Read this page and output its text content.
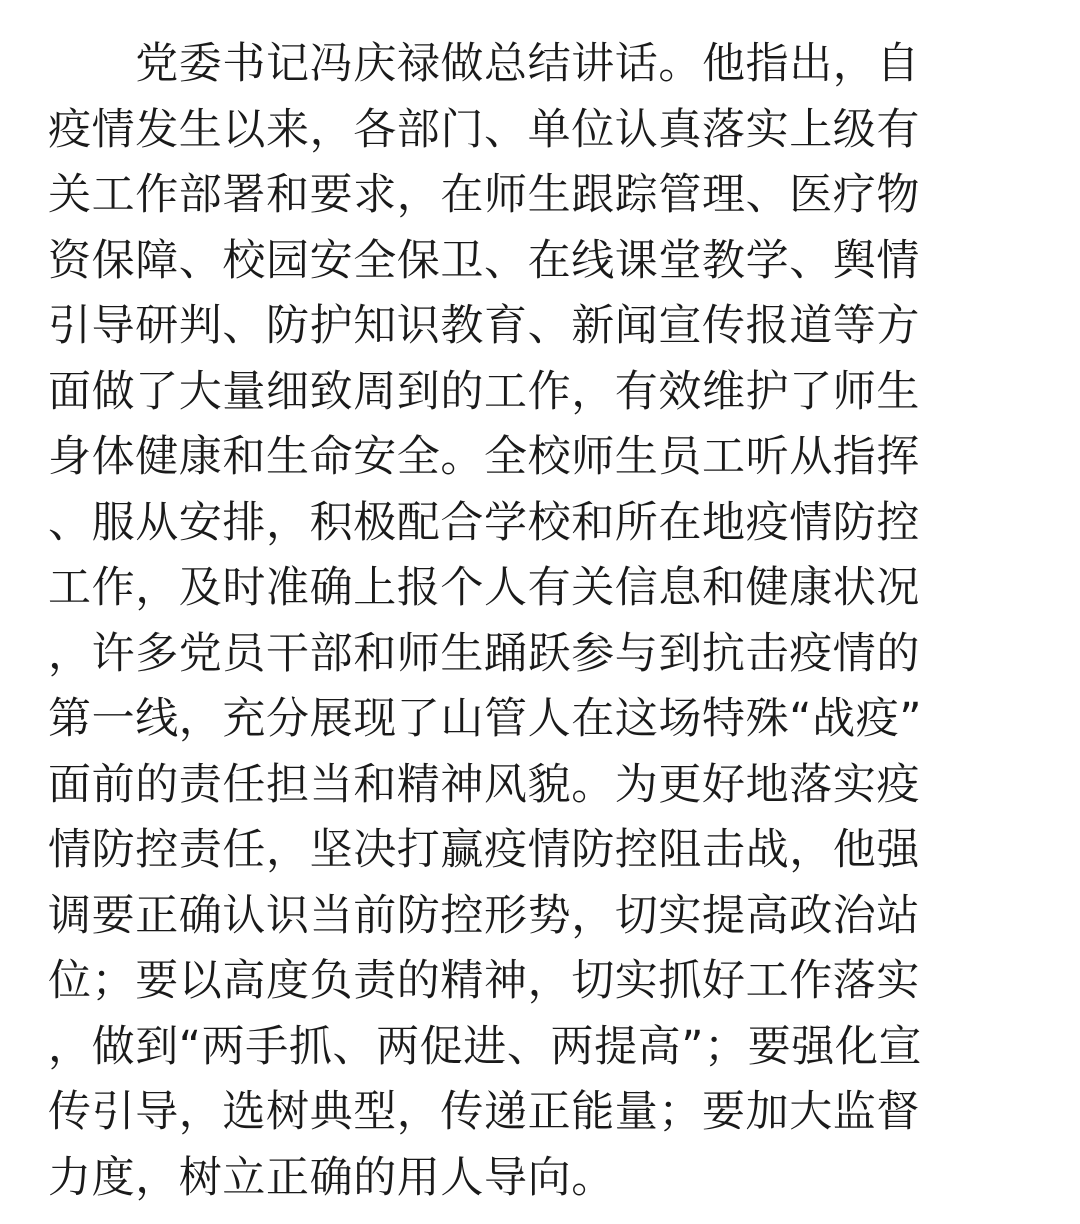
　　党委书记冯庆禄做总结讲话。他指出，自
疫情发生以来，各部门、单位认真落实上级有
关工作部署和要求，在师生跟踪管理、医疗物
资保障、校园安全保卫、在线课堂教学、舆情
引导研判、防护知识教育、新闻宣传报道等方
面做了大量细致周到的工作，有效维护了师生
身体健康和生命安全。全校师生员工听从指挥
、服从安排，积极配合学校和所在地疫情防控
工作，及时准确上报个人有关信息和健康状况
，许多党员干部和师生踊跃参与到抗击疫情的
第一线，充分展现了山管人在这场特殊“战疫”
面前的责任担当和精神风貌。为更好地落实疫
情防控责任，坚决打赢疫情防控阻击战，他强
调要正确认识当前防控形势，切实提高政治站
位；要以高度负责的精神，切实抓好工作落实
，做到“两手抓、两促进、两提高”；要强化宣
传引导，选树典型，传递正能量；要加大监督
力度，树立正确的用人导向。
